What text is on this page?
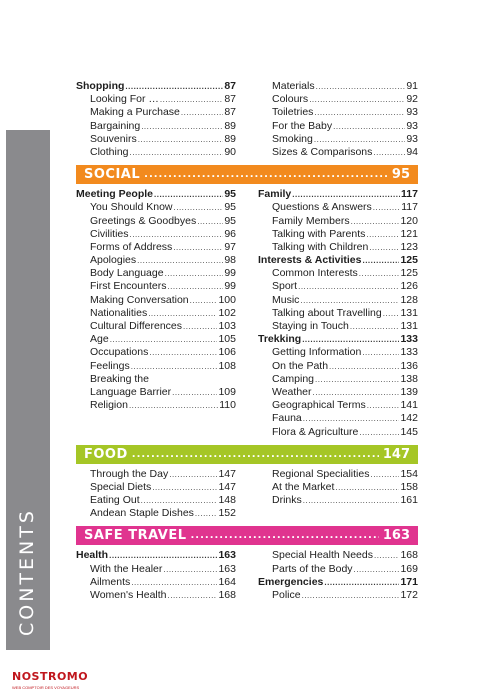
CONTENTS
Shopping .....	87
Looking For … .....	87
Making a Purchase .....	87
Bargaining .....	89
Souvenirs .....	89
Clothing .....	90
Materials .....	91
Colours .....	92
Toiletries .....	93
For the Baby .....	93
Smoking .....	93
Sizes & Comparisons .....	94
SOCIAL .....	95
Meeting People .....	95
You Should Know .....	95
Greetings & Goodbyes .....	95
Civilities .....	96
Forms of Address .....	97
Apologies .....	98
Body Language .....	99
First Encounters .....	99
Making Conversation .....	100
Nationalities .....	102
Cultural Differences .....	103
Age .....	105
Occupations .....	106
Feelings .....	108
Breaking the
Language Barrier .....	109
Religion .....	110
Family .....	117
Questions & Answers .....	117
Family Members .....	120
Talking with Parents .....	121
Talking with Children .....	123
Interests & Activities .....	125
Common Interests .....	125
Sport .....	126
Music .....	128
Talking about Travelling ..... 131
Staying in Touch .....	131
Trekking .....	133
Getting Information .....	133
On the Path .....	136
Camping .....	138
Weather .....	139
Geographical Terms .....	141
Fauna .....	142
Flora & Agriculture .....	145
FOOD .....	147
Through the Day .....	147
Special Diets .....	147
Eating Out .....	148
Andean Staple Dishes ..... 152
Regional Specialities .....	154
At the Market .....	158
Drinks .....	161
SAFE TRAVEL .....	163
Health .....	163
With the Healer .....	163
Ailments .....	164
Women's Health .....	168
Special Health Needs .....	168
Parts of the Body .....	169
Emergencies .....	171
Police .....	172
NOSTROMO
WEB COMPTOIR DES VOYAGEURS
